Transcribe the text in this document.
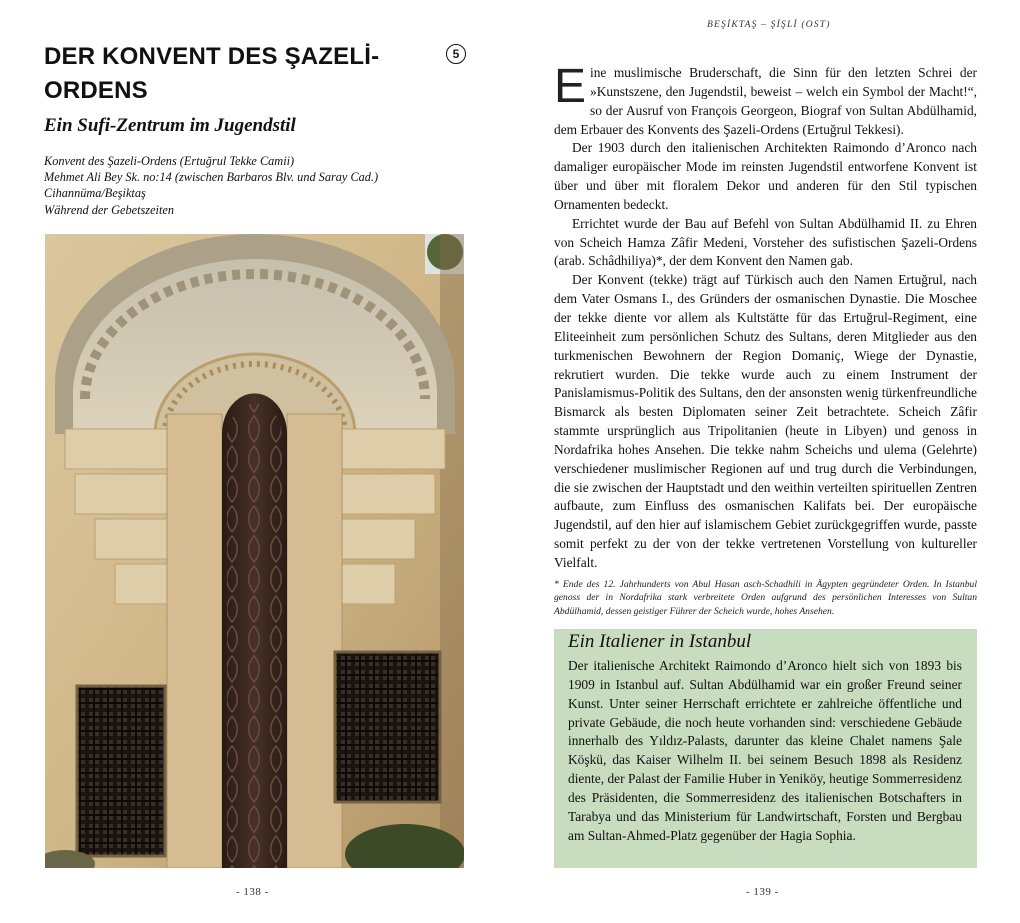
DER KONVENT DES ŞAZELİ-ORDENS
5
Ein Sufi-Zentrum im Jugendstil
Konvent des Şazeli-Ordens (Ertuğrul Tekke Camii)
Mehmet Ali Bey Sk. no:14 (zwischen Barbaros Blv. und Saray Cad.)
Cihannüma/Beşiktaş
Während der Gebetszeiten
- 138 -
BEŞİKTAŞ – ŞİŞLİ (OST)

Eine muslimische Bruderschaft, die Sinn für den letzten Schrei der »Kunstszene, den Jugendstil, beweist – welch ein Symbol der Macht!“, so der Ausruf von François Georgeon, Biograf von Sultan Abdülhamid, dem Erbauer des Konvents des Şazeli-Ordens (Ertuğrul Tekkesi).

Der 1903 durch den italienischen Architekten Raimondo d’Aronco nach damaliger europäischer Mode im reinsten Jugendstil entworfene Konvent ist über und über mit floralem Dekor und anderen für den Stil typischen Ornamenten bedeckt.

Errichtet wurde der Bau auf Befehl von Sultan Abdülhamid II. zu Ehren von Scheich Hamza Zâfir Medeni, Vorsteher des sufistischen Şazeli-Ordens (arab. Schâdhiliya)*, der dem Konvent den Namen gab.

Der Konvent (tekke) trägt auf Türkisch auch den Namen Ertuğrul, nach dem Vater Osmans I., des Gründers der osmanischen Dynastie. Die Moschee der tekke diente vor allem als Kultstätte für das Ertuğrul-Regiment, eine Eliteeinheit zum persönlichen Schutz des Sultans, deren Mitglieder aus den turkmenischen Bewohnern der Region Domaniç, Wiege der Dynastie, rekrutiert wurden. Die tekke wurde auch zu einem Instrument der Panislamismus-Politik des Sultans, den der ansonsten wenig türkenfreundliche Bismarck als besten Diplomaten seiner Zeit betrachtete. Scheich Zâfir stammte ursprünglich aus Tripolitanien (heute in Libyen) und genoss in Nordafrika hohes Ansehen. Die tekke nahm Scheichs und ulema (Gelehrte) verschiedener muslimischer Regionen auf und trug durch die Verbindungen, die sie zwischen der Hauptstadt und den weithin verteilten spirituellen Zentren aufbaute, zum Einfluss des osmanischen Kalifats bei. Der europäische Jugendstil, auf den hier auf islamischem Gebiet zurückgegriffen wurde, passte somit perfekt zu der von der tekke vertretenen Vorstellung von kultureller Vielfalt.

* Ende des 12. Jahrhunderts von Abul Hasan asch-Schadhili in Ägypten gegründeter Orden. In Istanbul genoss der in Nordafrika stark verbreitete Orden aufgrund des persönlichen Interesses von Sultan Abdülhamid, dessen geistiger Führer der Scheich wurde, hohes Ansehen.
Ein Italiener in Istanbul
Der italienische Architekt Raimondo d’Aronco hielt sich von 1893 bis 1909 in Istanbul auf. Sultan Abdülhamid war ein großer Freund seiner Kunst. Unter seiner Herrschaft errichtete er zahlreiche öffentliche und private Gebäude, die noch heute vorhanden sind: verschiedene Gebäude innerhalb des Yıldız-Palasts, darunter das kleine Chalet namens Şale Köşkü, das Kaiser Wilhelm II. bei seinem Besuch 1898 als Residenz diente, der Palast der Familie Huber in Yeniköy, heutige Sommerresidenz des Präsidenten, die Sommerresidenz des italienischen Botschafters in Tarabya und das Ministerium für Landwirtschaft, Forsten und Bergbau am Sultan-Ahmed-Platz gegenüber der Hagia Sophia.
- 139 -
